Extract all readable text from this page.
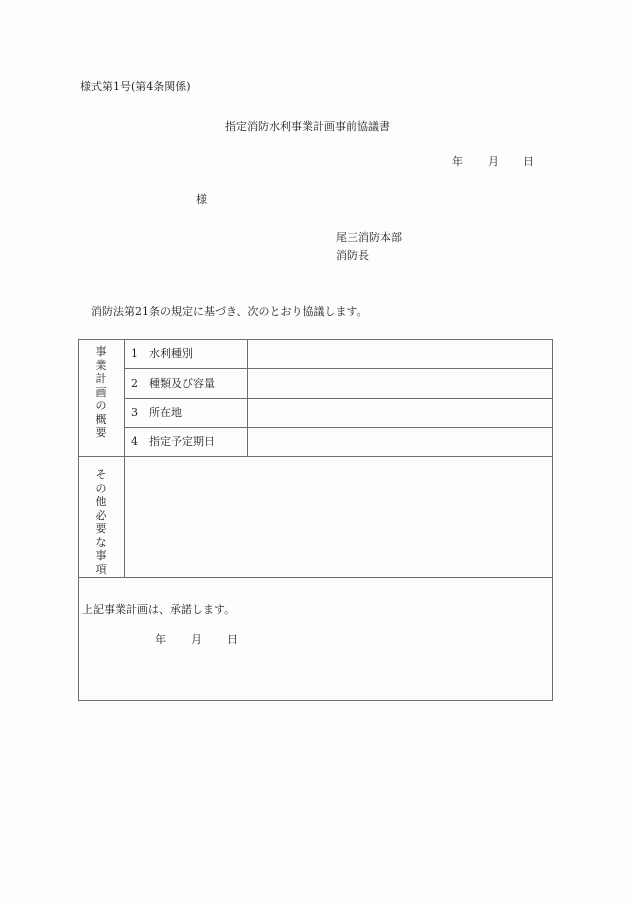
様式第1号(第4条関係)
指定消防水利事業計画事前協議書
年 月 日
様
尾三消防本部
消防長
消防法第21条の規定に基づき、次のとおり協議します。
事業計画の概要
1 水利種別
2 種類及び容量
3 所在地
4 指定予定期日
その他必要な事項
上記事業計画は、承諾します。
年 月 日
